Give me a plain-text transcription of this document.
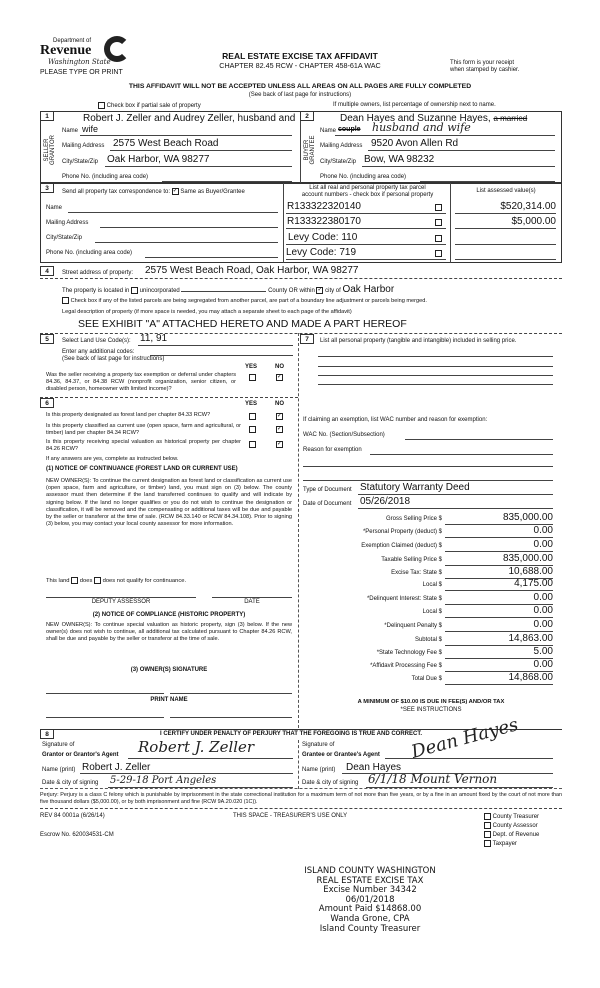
Department of
Revenue
Washington State
PLEASE TYPE OR PRINT
REAL ESTATE EXCISE TAX AFFIDAVIT
CHAPTER 82.45 RCW - CHAPTER 458-61A WAC	This form is your receipt
when stamped by cashier.
THIS AFFIDAVIT WILL NOT BE ACCEPTED UNLESS ALL AREAS ON ALL PAGES ARE FULLY COMPLETED
(See back of last page for instructions)
Check box if partial sale of property	If multiple owners, list percentage of ownership next to name.
1
SELLER GRANTOR
Robert J. Zeller and Audrey Zeller, husband and
Name wife
Mailing Address 2575 West Beach Road
City/State/Zip Oak Harbor, WA 98277
Phone No. (including area code)
2
BUYER GRANTEE
Dean Hayes and Suzanne Hayes, a married
Name couple husband and wife
Mailing Address 9520 Avon Allen Rd
City/State/Zip Bow, WA 98232
Phone No. (including area code)
3
Send all property tax correspondence to: ✓ Same as Buyer/Grantee
List all real and personal property tax parcel
account numbers - check box if personal property
List assessed value(s)
Name
Mailing Address
City/State/Zip
Phone No. (including area code)
R133322320140	$520,314.00
R133322380170	$5,000.00
Levy Code: 110
Levy Code: 719
4	Street address of property: 2575 West Beach Road, Oak Harbor, WA 98277
The property is located in unincorporated	County OR within ✓ city of Oak Harbor
Check box if any of the listed parcels are being segregated from another parcel, are part of a boundary line adjustment or parcels being merged.
Legal description of property (if more space is needed, you may attach a separate sheet to each page of the affidavit)
SEE EXHIBIT "A" ATTACHED HERETO AND MADE A PART HEREOF
5	Select Land Use Code(s): 11, 91
Enter any additional codes:
(See back of last page for instructions)
YES	NO
Was the seller receiving a property tax exemption or deferral under chapters 84.36, 84.37, or 84.38 RCW (nonprofit organization, senior citizen, or disabled person, homeowner with limited income)?
✓
6	YES	NO
Is this property designated as forest land per chapter 84.33 RCW?	✓
Is this property classified as current use (open space, farm and agricultural, or timber) land per chapter 84.34 RCW?
✓
Is this property receiving special valuation as historical property per chapter 84.26 RCW?
✓
If any answers are yes, complete as instructed below.
(1) NOTICE OF CONTINUANCE (FOREST LAND OR CURRENT USE)
NEW OWNER(S): To continue the current designation as forest land or classification as current use (open space, farm and agriculture, or timber) land, you must sign on (3) below. The county assessor must then determine if the land transferred continues to qualify and will indicate by signing below. If the land no longer qualifies or you do not wish to continue the designation or classification, it will be removed and the compensating or additional taxes will be due and payable by the seller or transferor at the time of sale. (RCW 84.33.140 or RCW 84.34.108). Prior to signing (3) below, you may contact your local county assessor for more information.
This land does does not qualify for continuance.
DEPUTY ASSESSOR	DATE
(2) NOTICE OF COMPLIANCE (HISTORIC PROPERTY)
NEW OWNER(S): To continue special valuation as historic property, sign (3) below. If the new owner(s) does not wish to continue, all additional tax calculated pursuant to Chapter 84.26 RCW, shall be due and payable by the seller or transferor at the time of sale.
(3) OWNER(S) SIGNATURE
PRINT NAME
7	List all personal property (tangible and intangible) included in selling price.
If claiming an exemption, list WAC number and reason for exemption:
WAC No. (Section/Subsection)
Reason for exemption
Type of Document Statutory Warranty Deed
Date of Document 05/26/2018
Gross Selling Price $	835,000.00
*Personal Property (deduct) $	0.00
Exemption Claimed (deduct) $	0.00
Taxable Selling Price $	835,000.00
Excise Tax: State $	10,688.00
Local $	4,175.00
*Delinquent Interest: State $	0.00
Local $	0.00
*Delinquent Penalty $	0.00
Subtotal $	14,863.00
*State Technology Fee $	5.00
*Affidavit Processing Fee $	0.00
Total Due $	14,868.00
A MINIMUM OF $10.00 IS DUE IN FEE(S) AND/OR TAX
*SEE INSTRUCTIONS
8	I CERTIFY UNDER PENALTY OF PERJURY THAT THE FOREGOING IS TRUE AND CORRECT.
Signature of
Grantor or Grantor's Agent Robert J. Zeller
Name (print) Robert J. Zeller
Date & city of signing 5-29-18 Port Angeles
Signature of
Grantee or Grantee's Agent Dean Hayes
Name (print) Dean Hayes
Date & city of signing 6/1/18 Mount Vernon
Perjury: Perjury is a class C felony which is punishable by imprisonment in the state correctional institution for a maximum term of not more than five years, or by a fine in an amount fixed by the court of not more than five thousand dollars ($5,000.00), or by both imprisonment and fine (RCW 9A.20.020 (1C)).
REV 84 0001a (6/26/14)	THIS SPACE - TREASURER'S USE ONLY
Escrow No. 620034531-CM
County Treasurer
County Assessor
Dept. of Revenue
Taxpayer
ISLAND COUNTY WASHINGTON
REAL ESTATE EXCISE TAX
Excise Number 34342
06/01/2018
Amount Paid $14868.00
Wanda Grone, CPA
Island County Treasurer
